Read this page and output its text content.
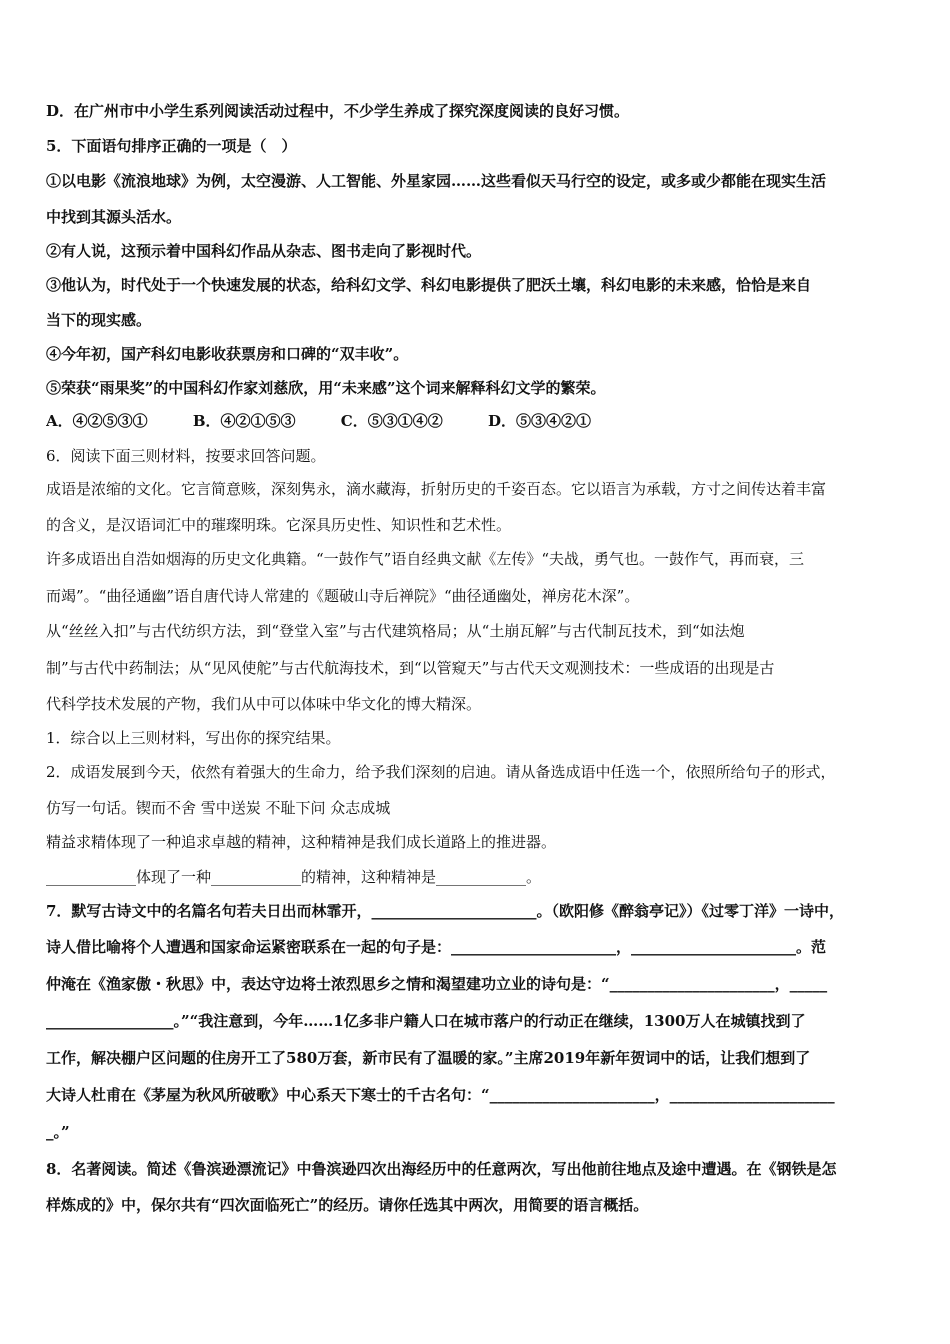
D．在广州市中小学生系列阅读活动过程中，不少学生养成了探究深度阅读的良好习惯。
5．下面语句排序正确的一项是（　）
①以电影《流浪地球》为例，太空漫游、人工智能、外星家园……这些看似天马行空的设定，或多或少都能在现实生活
中找到其源头活水。
②有人说，这预示着中国科幻作品从杂志、图书走向了影视时代。
③他认为，时代处于一个快速发展的状态，给科幻文学、科幻电影提供了肥沃土壤，科幻电影的未来感，恰恰是来自
当下的现实感。
④今年初，国产科幻电影收获票房和口碑的“双丰收”。
⑤荣获“雨果奖”的中国科幻作家刘慈欣，用“未来感”这个词来解释科幻文学的繁荣。
A．④②⑤③①	B．④②①⑤③	C．⑤③①④②	D．⑤③④②①
6．阅读下面三则材料，按要求回答问题。
成语是浓缩的文化。它言简意赅，深刻隽永，滴水藏海，折射历史的千姿百态。它以语言为承载，方寸之间传达着丰富
的含义，是汉语词汇中的璀璨明珠。它深具历史性、知识性和艺术性。
许多成语出自浩如烟海的历史文化典籍。“一鼓作气”语自经典文献《左传》“夫战，勇气也。一鼓作气，再而衰，三
而竭”。“曲径通幽”语自唐代诗人常建的《题破山寺后禅院》“曲径通幽处，禅房花木深”。
从“丝丝入扣”与古代纺织方法，到“登堂入室”与古代建筑格局；从“土崩瓦解”与古代制瓦技术，到“如法炮
制”与古代中药制法；从“见风使舵”与古代航海技术，到“以管窥天”与古代天文观测技术：一些成语的出现是古
代科学技术发展的产物，我们从中可以体味中华文化的博大精深。
1．综合以上三则材料，写出你的探究结果。
2．成语发展到今天，依然有着强大的生命力，给予我们深刻的启迪。请从备选成语中任选一个，依照所给句子的形式，
仿写一句话。锲而不舍 雪中送炭 不耻下问 众志成城
精益求精体现了一种追求卓越的精神，这种精神是我们成长道路上的推进器。
____________体现了一种____________的精神，这种精神是____________。
7．默写古诗文中的名篇名句若夫日出而林霏开，______________________。（欧阳修《醉翁亭记》）《过零丁洋》一诗中，
诗人借比喻将个人遭遇和国家命运紧密联系在一起的句子是：______________________，______________________。范
仲淹在《渔家傲・秋思》中，表达守边将士浓烈思乡之情和渴望建功立业的诗句是：“______________________，_____
_________________。”“我注意到，今年……1亿多非户籍人口在城市落户的行动正在继续，1300万人在城镇找到了
工作，解决棚户区问题的住房开工了580万套，新市民有了温暖的家。”主席2019年新年贺词中的话，让我们想到了
大诗人杜甫在《茅屋为秋风所破歌》中心系天下寒士的千古名句：“______________________，______________________
_。”
8．名著阅读。简述《鲁滨逊漂流记》中鲁滨逊四次出海经历中的任意两次，写出他前往地点及途中遭遇。在《钢铁是怎
样炼成的》中，保尔共有“四次面临死亡”的经历。请你任选其中两次，用简要的语言概括。
